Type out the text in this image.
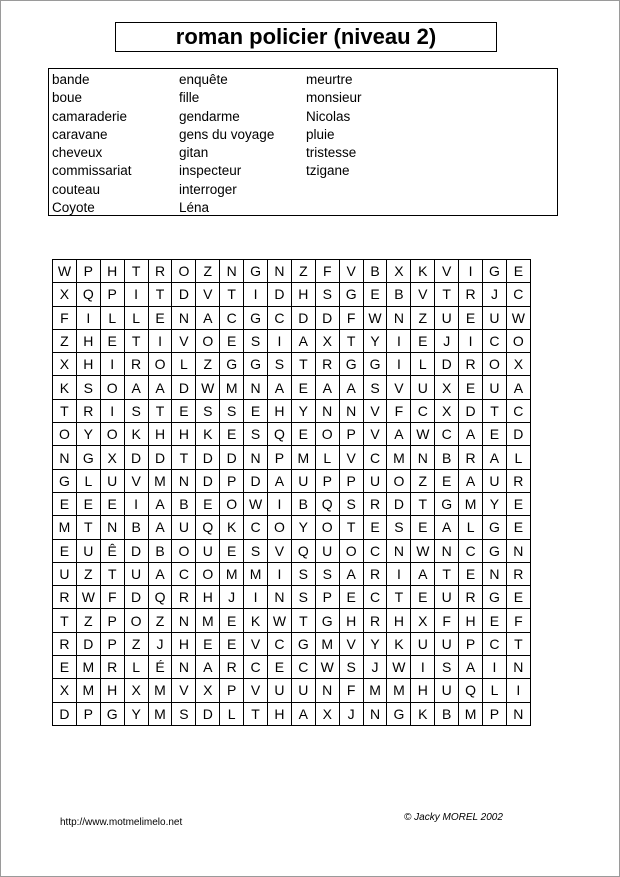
roman policier (niveau 2)
bande
boue
camaraderie
caravane
cheveux
commissariat
couteau
Coyote
enquête
fille
gendarme
gens du voyage
gitan
inspecteur
interroger
Léna
meurtre
monsieur
Nicolas
pluie
tristesse
tzigane
W	P	H	T	R	O	Z	N	G	N	Z	F	V	B	X	K	V	I	G	E
X	Q	P	I	T	D	V	T	I	D	H	S	G	E	B	V	T	R	J	C
F	I	L	L	E	N	A	C	G	C	D	D	F	W	N	Z	U	E	U	W
Z	H	E	T	I	V	O	E	S	I	A	X	T	Y	I	E	J	I	C	O
X	H	I	R	O	L	Z	G	G	S	T	R	G	G	I	L	D	R	O	X
K	S	O	A	A	D	W	M	N	A	E	A	A	S	V	U	X	E	U	A
T	R	I	S	T	E	S	S	E	H	Y	N	N	V	F	C	X	D	T	C
O	Y	O	K	H	H	K	E	S	Q	E	O	P	V	A	W	C	A	E	D
N	G	X	D	D	T	D	D	N	P	M	L	V	C	M	N	B	R	A	L
G	L	U	V	M	N	D	P	D	A	U	P	P	U	O	Z	E	A	U	R
E	E	E	I	A	B	E	O	W	I	B	Q	S	R	D	T	G	M	Y	E
M	T	N	B	A	U	Q	K	C	O	Y	O	T	E	S	E	A	L	G	E
E	U	Ê	D	B	O	U	E	S	V	Q	U	O	C	N	W	N	C	G	N
U	Z	T	U	A	C	O	M	M	I	S	S	A	R	I	A	T	E	N	R
R	W	F	D	Q	R	H	J	I	N	S	P	E	C	T	E	U	R	G	E
T	Z	P	O	Z	N	M	E	K	W	T	G	H	R	H	X	F	H	E	F
R	D	P	Z	J	H	E	E	V	C	G	M	V	Y	K	U	U	P	C	T
E	M	R	L	É	N	A	R	C	E	C	W	S	J	W	I	S	A	I	N
X	M	H	X	M	V	X	P	V	U	U	N	F	M	M	H	U	Q	L	I
D	P	G	Y	M	S	D	L	T	H	A	X	J	N	G	K	B	M	P	N
http://www.motmelimelo.net	© Jacky MOREL 2002
